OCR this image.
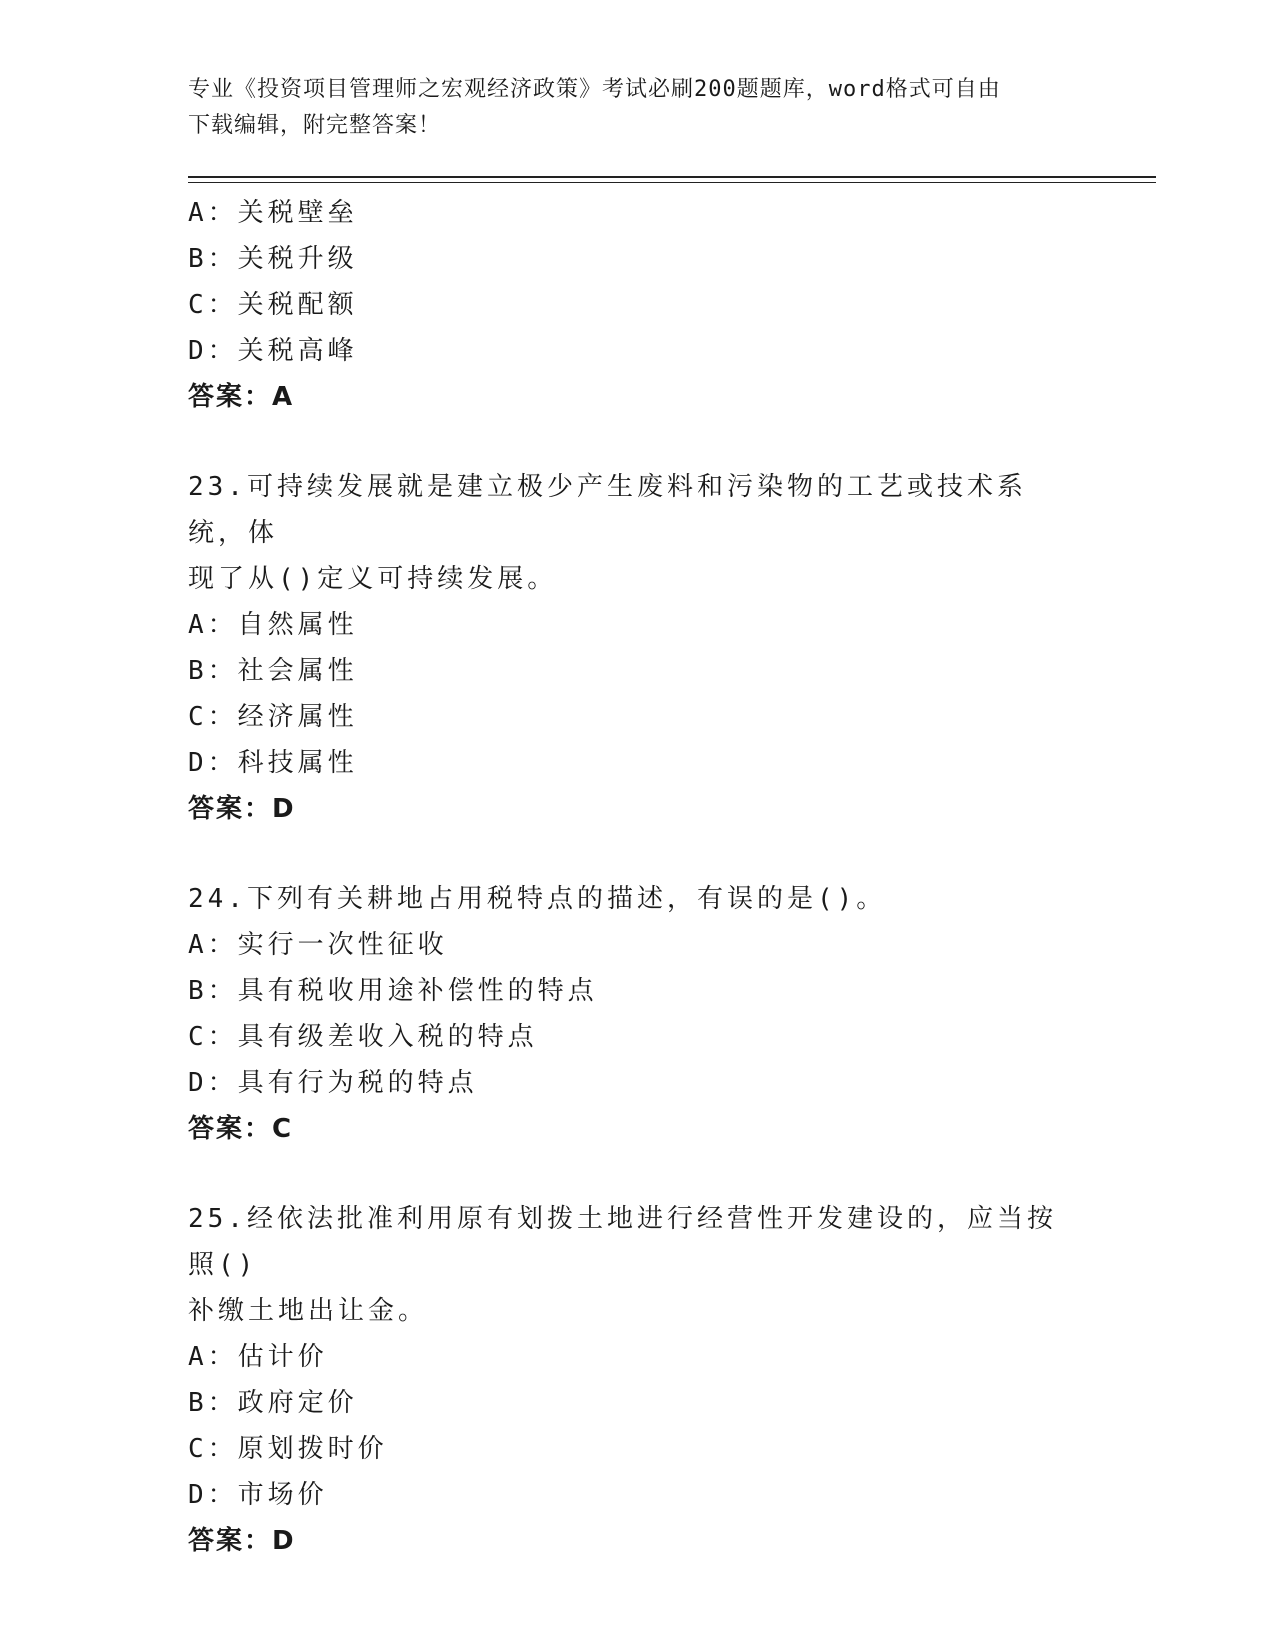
专业《投资项目管理师之宏观经济政策》考试必刷200题题库，word格式可自由
下载编辑，附完整答案！
A：关税壁垒
B：关税升级
C：关税配额
D：关税高峰
答案：A
23.可持续发展就是建立极少产生废料和污染物的工艺或技术系统，体
现了从()定义可持续发展。
A：自然属性
B：社会属性
C：经济属性
D：科技属性
答案：D
24.下列有关耕地占用税特点的描述，有误的是()。
A：实行一次性征收
B：具有税收用途补偿性的特点
C：具有级差收入税的特点
D：具有行为税的特点
答案：C
25.经依法批准利用原有划拨土地进行经营性开发建设的，应当按照()
补缴土地出让金。
A：估计价
B：政府定价
C：原划拨时价
D：市场价
答案：D
